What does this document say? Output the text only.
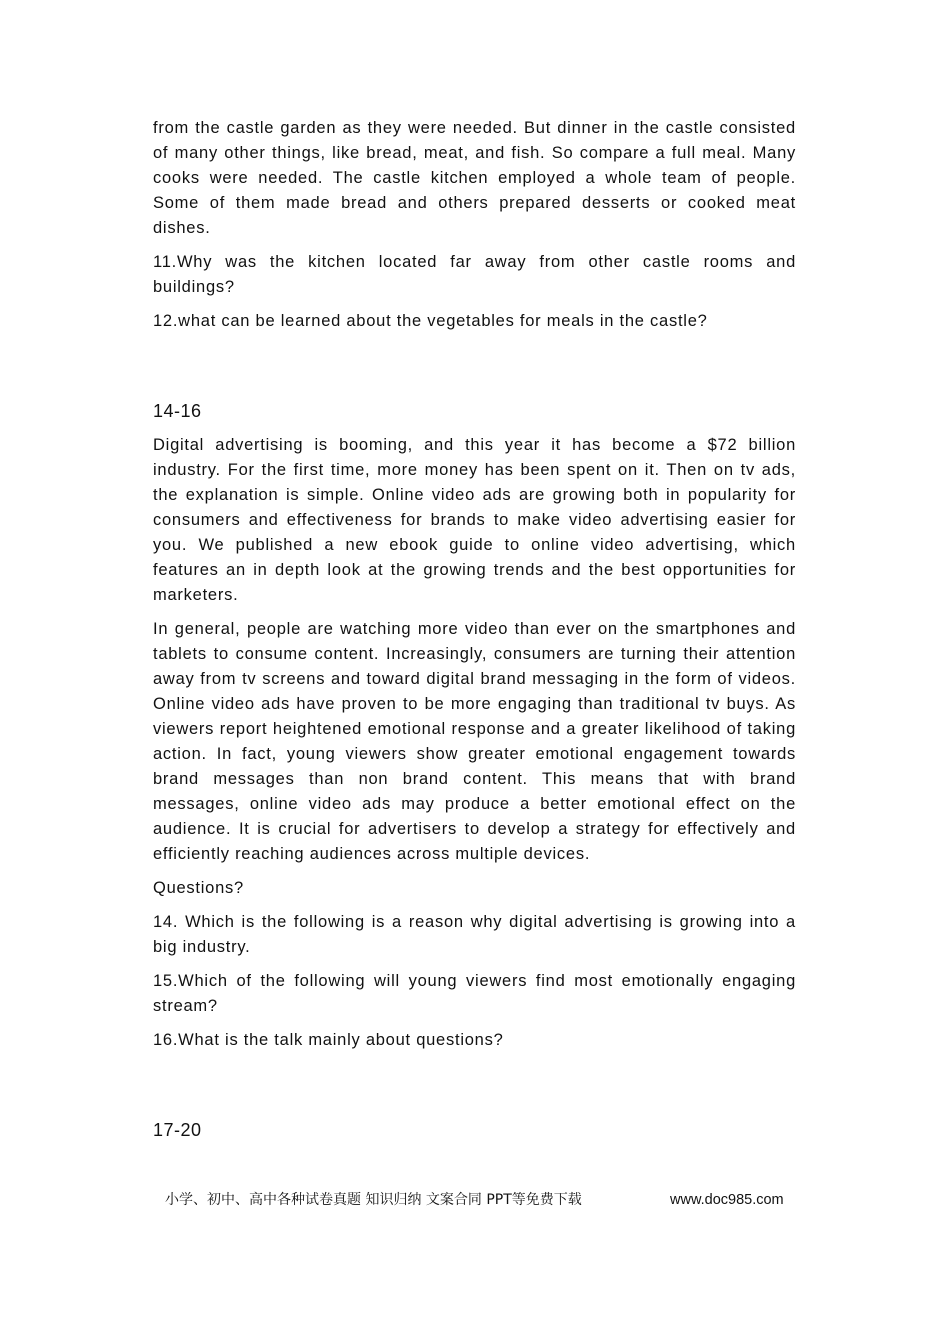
from the castle garden as they were needed. But dinner in the castle consisted of many other things, like bread, meat, and fish. So compare a full meal. Many cooks were needed. The castle kitchen employed a whole team of people. Some of them made bread and others prepared desserts or cooked meat dishes.

11.Why was the kitchen located far away from other castle rooms and buildings?

12.what can be learned about the vegetables for meals in the castle?

14-16

Digital advertising is booming, and this year it has become a $72 billion industry. For the first time, more money has been spent on it. Then on tv ads, the explanation is simple. Online video ads are growing both in popularity for consumers and effectiveness for brands to make video advertising easier for you. We published a new ebook guide to online video advertising, which features an in depth look at the growing trends and the best opportunities for marketers.

In general, people are watching more video than ever on the smartphones and tablets to consume content. Increasingly, consumers are turning their attention away from tv screens and toward digital brand messaging in the form of videos. Online video ads have proven to be more engaging than traditional tv buys. As viewers report heightened emotional response and a greater likelihood of taking action. In fact, young viewers show greater emotional engagement towards brand messages than non brand content. This means that with brand messages, online video ads may produce a better emotional effect on the audience. It is crucial for advertisers to develop a strategy for effectively and efficiently reaching audiences across multiple devices.

Questions?

14. Which is the following is a reason why digital advertising is growing into a big industry.

15.Which of the following will young viewers find most emotionally engaging stream?

16.What is the talk mainly about questions?

17-20

小学、初中、高中各种试卷真题 知识归纳 文案合同 PPT等免费下载	www.doc985.com
